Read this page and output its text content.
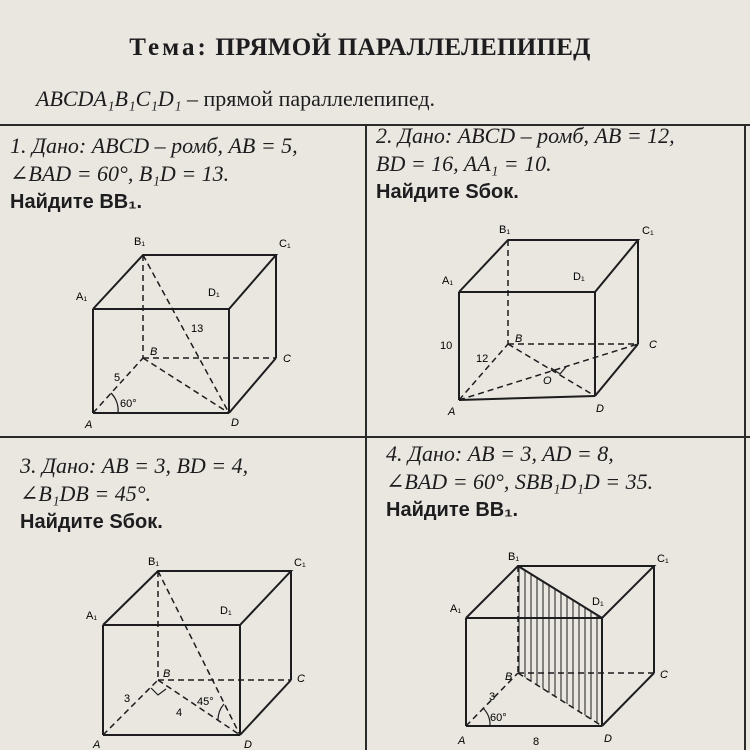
Тема: ПРЯМОЙ ПАРАЛЛЕЛЕПИПЕД
ABCDA₁B₁C₁D₁ – прямой параллелепипед.
1. Дано: ABCD – ромб, AB = 5,
∠BAD = 60°, B₁D = 13.
Найдите BB₁.
2. Дано: ABCD – ромб, AB = 12,
BD = 16, AA₁ = 10.
Найдите Sбок.
3. Дано: AB = 3, BD = 4,
∠B₁DB = 45°.
Найдите Sбок.
4. Дано: AB = 3, AD = 8,
∠BAD = 60°, SBB₁D₁D = 35.
Найдите BB₁.
B₁	C₁
A₁	D₁
B
C
A	D
13
5
60°
B₁	C₁
A₁	D₁
B	C
A	D
O
10
12
B₁	C₁
A₁	D₁
B	C
A	D
3
4
45°
B₁	C₁
A₁
D₁
B	C
A	D
3
8
60°
